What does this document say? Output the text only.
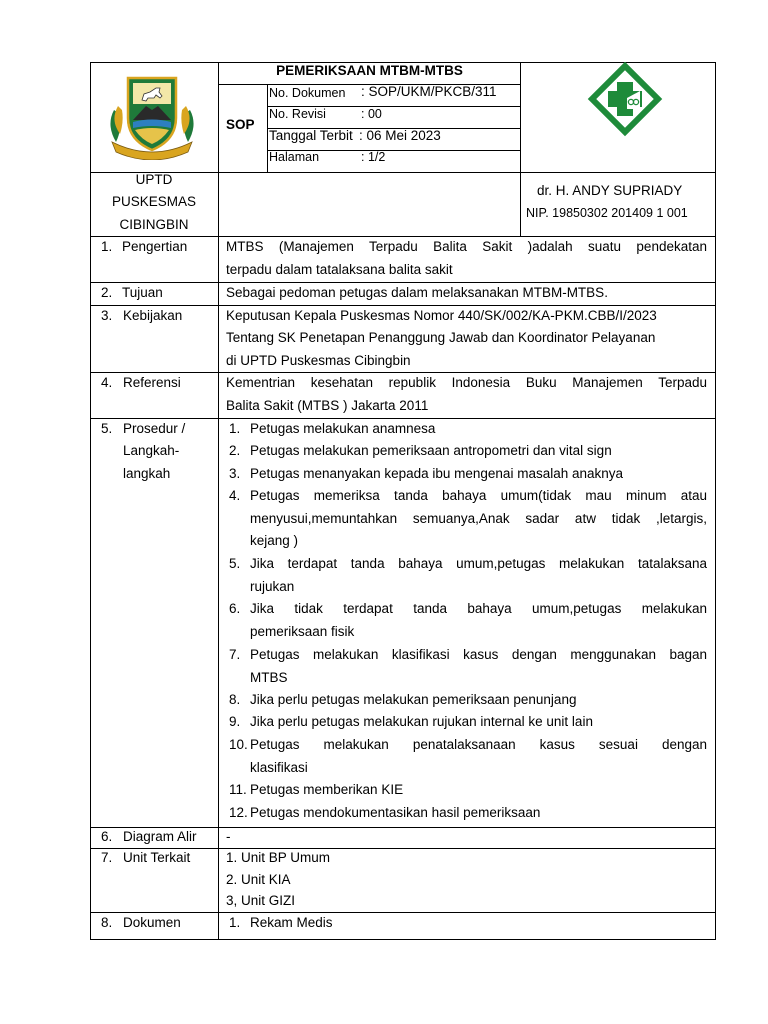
PEMERIKSAAN MTBM-MTBS
SOP
No. Dokumen : SOP/UKM/PKCB/311
No. Revisi	: 00
Tanggal Terbit : 06 Mei 2023
Halaman	: 1/2
UPTD
PUSKESMAS
CIBINGBIN
dr. H. ANDY SUPRIADY
NIP. 19850302 201409 1 001
1. Pengertian	MTBS (Manajemen Terpadu Balita Sakit )adalah suatu pendekatan
terpadu dalam tatalaksana balita sakit
2. Tujuan	Sebagai pedoman petugas dalam melaksanakan MTBM-MTBS.
3. Kebijakan	Keputusan Kepala Puskesmas Nomor 440/SK/002/KA-PKM.CBB/I/2023
Tentang SK Penetapan Penanggung Jawab dan Koordinator Pelayanan
di UPTD Puskesmas Cibingbin
4. Referensi	Kementrian kesehatan republik Indonesia Buku Manajemen Terpadu
Balita Sakit (MTBS ) Jakarta 2011
5. Prosedur /
Langkah-
langkah
1. Petugas melakukan anamnesa
2. Petugas melakukan pemeriksaan antropometri dan vital sign
3. Petugas menanyakan kepada ibu mengenai masalah anaknya
4. Petugas memeriksa tanda bahaya umum(tidak mau minum atau
menyusui,memuntahkan semuanya,Anak sadar atw tidak ,letargis,
kejang )
5. Jika terdapat tanda bahaya umum,petugas melakukan tatalaksana
rujukan
6. Jika tidak terdapat tanda bahaya umum,petugas melakukan
pemeriksaan fisik
7. Petugas melakukan klasifikasi kasus dengan menggunakan bagan
MTBS
8. Jika perlu petugas melakukan pemeriksaan penunjang
9. Jika perlu petugas melakukan rujukan internal ke unit lain
10. Petugas melakukan penatalaksanaan kasus sesuai dengan
klasifikasi
11. Petugas memberikan KIE
12. Petugas mendokumentasikan hasil pemeriksaan
6. Diagram Alir -
7. Unit Terkait	1. Unit BP Umum
2. Unit KIA
3, Unit GIZI
8. Dokumen	1. Rekam Medis
